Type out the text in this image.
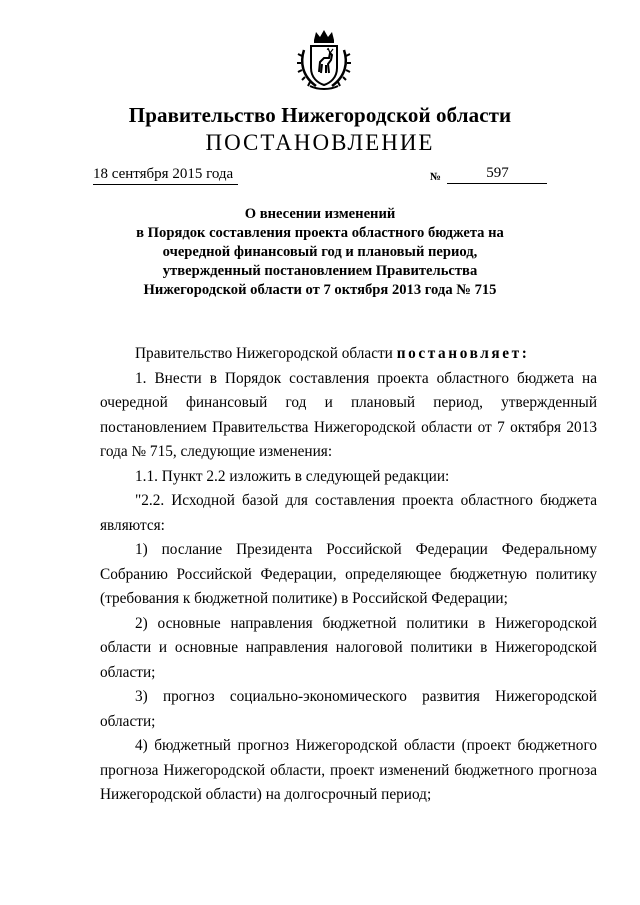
Правительство Нижегородской области
ПОСТАНОВЛЕНИЕ
18 сентября 2015 года	№	597
О внесении изменений
в Порядок составления проекта областного бюджета на
очередной финансовый год и плановый период,
утвержденный постановлением Правительства
Нижегородской области от 7 октября 2013 года № 715
Правительство Нижегородской области постановляет:
1. Внести в Порядок составления проекта областного бюджета на
очередной финансовый год и плановый период, утвержденный
постановлением Правительства Нижегородской области от 7 октября 2013
года № 715, следующие изменения:
1.1. Пункт 2.2 изложить в следующей редакции:
"2.2. Исходной базой для составления проекта областного бюджета
являются:
1) послание Президента Российской Федерации Федеральному
Собранию Российской Федерации, определяющее бюджетную политику
(требования к бюджетной политике) в Российской Федерации;
2) основные направления бюджетной политики в Нижегородской
области и основные направления налоговой политики в Нижегородской
области;
3) прогноз социально-экономического развития Нижегородской
области;
4) бюджетный прогноз Нижегородской области (проект бюджетного
прогноза Нижегородской области, проект изменений бюджетного прогноза
Нижегородской области) на долгосрочный период;
